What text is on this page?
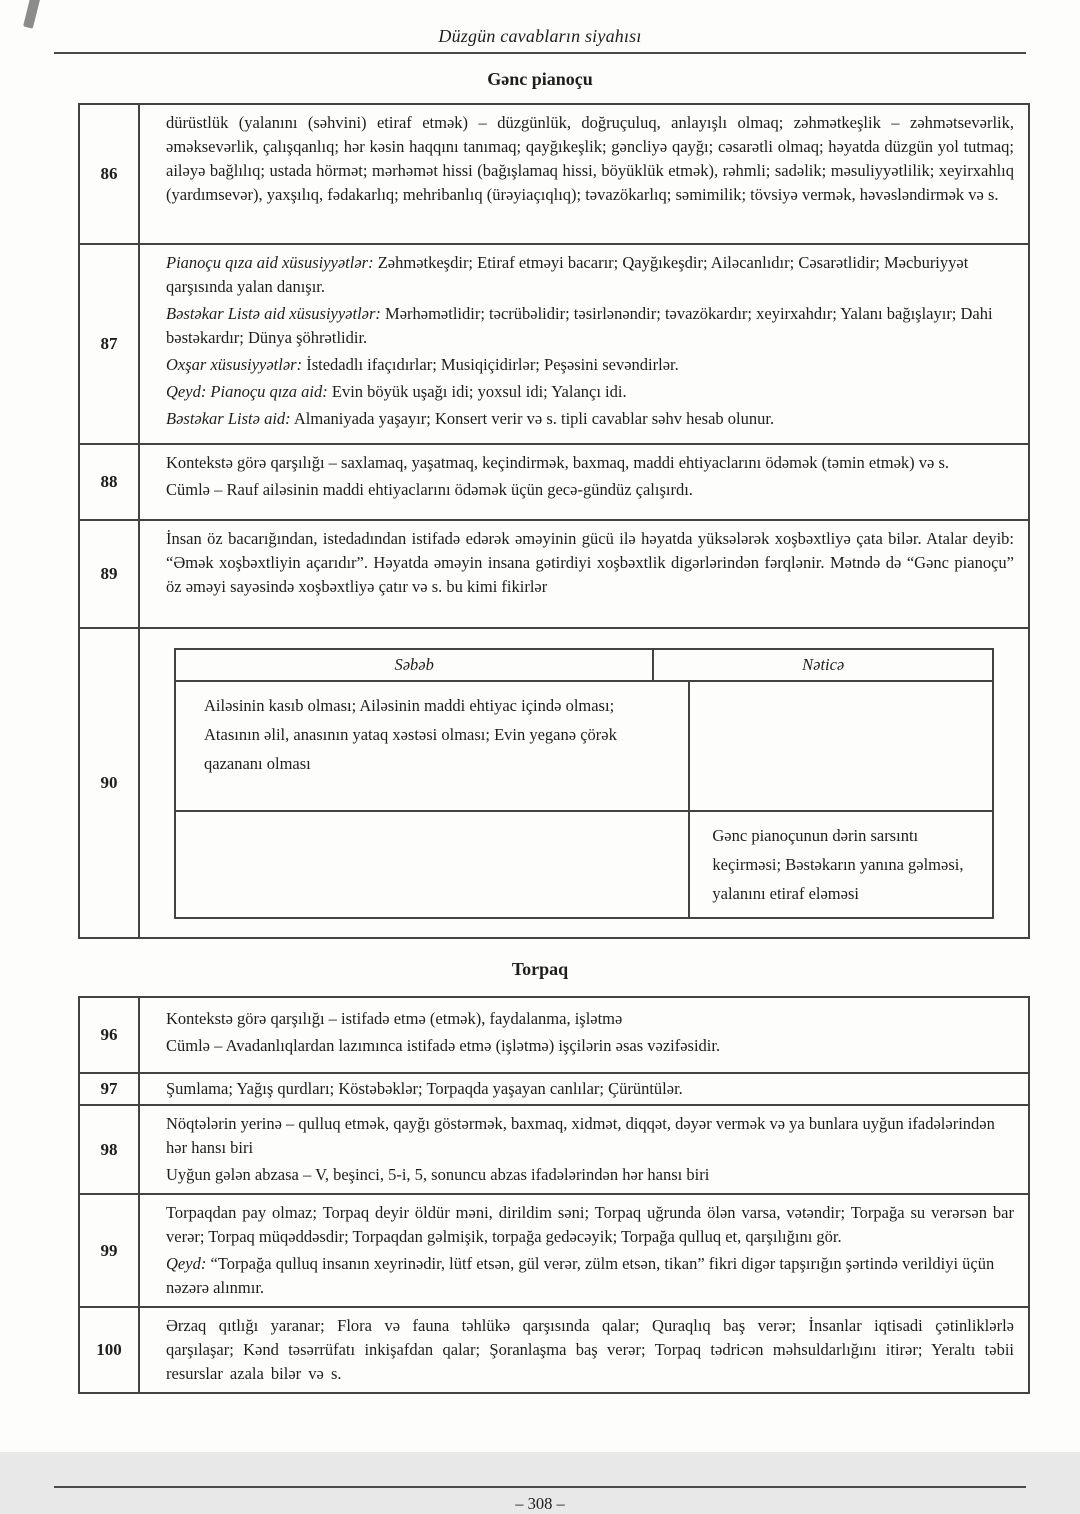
Düzgün cavabların siyahısı
Gənc pianoçu
86
dürüstlük (yalanını (səhvini) etiraf etmək) – düzgünlük, doğruçuluq, anlayışlı olmaq; zəhmətkeşlik – zəhmətsevərlik, əməksevərlik, çalışqanlıq; hər kəsin haqqını tanımaq; qayğıkeşlik; gəncliyə qayğı; cəsarətli olmaq; həyatda düzgün yol tutmaq; ailəyə bağlılıq; ustada hörmət; mərhəmət hissi (bağışlamaq hissi, böyüklük etmək), rəhmli; sadəlik; məsuliyyətlilik; xeyirxahlıq (yardımsevər), yaxşılıq, fədakarlıq; mehribanlıq (ürəyiaçıqlıq); təvazökarlıq; səmimilik; tövsiyə vermək, həvəsləndirmək və s.
87

Pianoçu qıza aid xüsusiyyətlər: Zəhmətkeşdir; Etiraf etməyi bacarır; Qayğıkeşdir; Ailəcanlıdır; Cəsarətlidir; Məcburiyyət qarşısında yalan danışır.

Bəstəkar Listə aid xüsusiyyətlər: Mərhəmətlidir; təcrübəlidir; təsirlənəndir; təvazökardır; xeyirxahdır; Yalanı bağışlayır; Dahi bəstəkardır; Dünya şöhrətlidir.

Oxşar xüsusiyyətlər: İstedadlı ifaçıdırlar; Musiqiçidirlər; Peşəsini sevəndirlər.

Qeyd: Pianoçu qıza aid: Evin böyük uşağı idi; yoxsul idi; Yalançı idi.

Bəstəkar Listə aid: Almaniyada yaşayır; Konsert verir və s. tipli cavablar səhv hesab olunur.

88

Kontekstə görə qarşılığı – saxlamaq, yaşatmaq, keçindirmək, baxmaq, maddi ehtiyaclarını ödəmək (təmin etmək) və s.

Cümlə – Rauf ailəsinin maddi ehtiyaclarını ödəmək üçün gecə-gündüz çalışırdı.

89
İnsan öz bacarığından, istedadından istifadə edərək əməyinin gücü ilə həyatda yüksələrək xoşbəxtliyə çata bilər. Atalar deyib: “Əmək xoşbəxtliyin açarıdır”. Həyatda əməyin insana gətirdiyi xoşbəxtlik digərlərindən fərqlənir. Mətndə də “Gənc pianoçu” öz əməyi sayəsində xoşbəxtliyə çatır və s. bu kimi fikirlər
90
Səbəb	Nəticə
Ailəsinin kasıb olması; Ailəsinin maddi ehtiyac içində olması; Atasının əlil, anasının yataq xəstəsi olması; Evin yeganə çörək qazananı olması
Gənc pianoçunun dərin sarsıntı keçirməsi; Bəstəkarın yanına gəlməsi, yalanını etiraf eləməsi
Torpaq
96

Kontekstə görə qarşılığı – istifadə etmə (etmək), faydalanma, işlətmə

Cümlə – Avadanlıqlardan lazımınca istifadə etmə (işlətmə) işçilərin əsas vəzifəsidir.

97	Şumlama; Yağış qurdları; Köstəbəklər; Torpaqda yaşayan canlılar; Çürüntülər.
98

Nöqtələrin yerinə – qulluq etmək, qayğı göstərmək, baxmaq, xidmət, diqqət, dəyər vermək və ya bunlara uyğun ifadələrindən hər hansı biri

Uyğun gələn abzasa – V, beşinci, 5-i, 5, sonuncu abzas ifadələrindən hər hansı biri

99

Torpaqdan pay olmaz; Torpaq deyir öldür məni, dirildim səni; Torpaq uğrunda ölən varsa, vətəndir; Torpağa su verərsən bar verər; Torpaq müqəddəsdir; Torpaqdan gəlmişik, torpağa gedəcəyik; Torpağa qulluq et, qarşılığını gör.

Qeyd: “Torpağa qulluq insanın xeyrinədir, lütf etsən, gül verər, zülm etsən, tikan” fikri digər tapşırığın şərtində verildiyi üçün nəzərə alınmır.

100
Ərzaq qıtlığı yaranar; Flora və fauna təhlükə qarşısında qalar; Quraqlıq baş verər; İnsanlar iqtisadi çətinliklərlə qarşılaşar; Kənd təsərrüfatı inkişafdan qalar; Şoranlaşma baş verər; Torpaq tədricən məhsuldarlığını itirər; Yeraltı təbii resurslar azala bilər və s.
– 308 –
